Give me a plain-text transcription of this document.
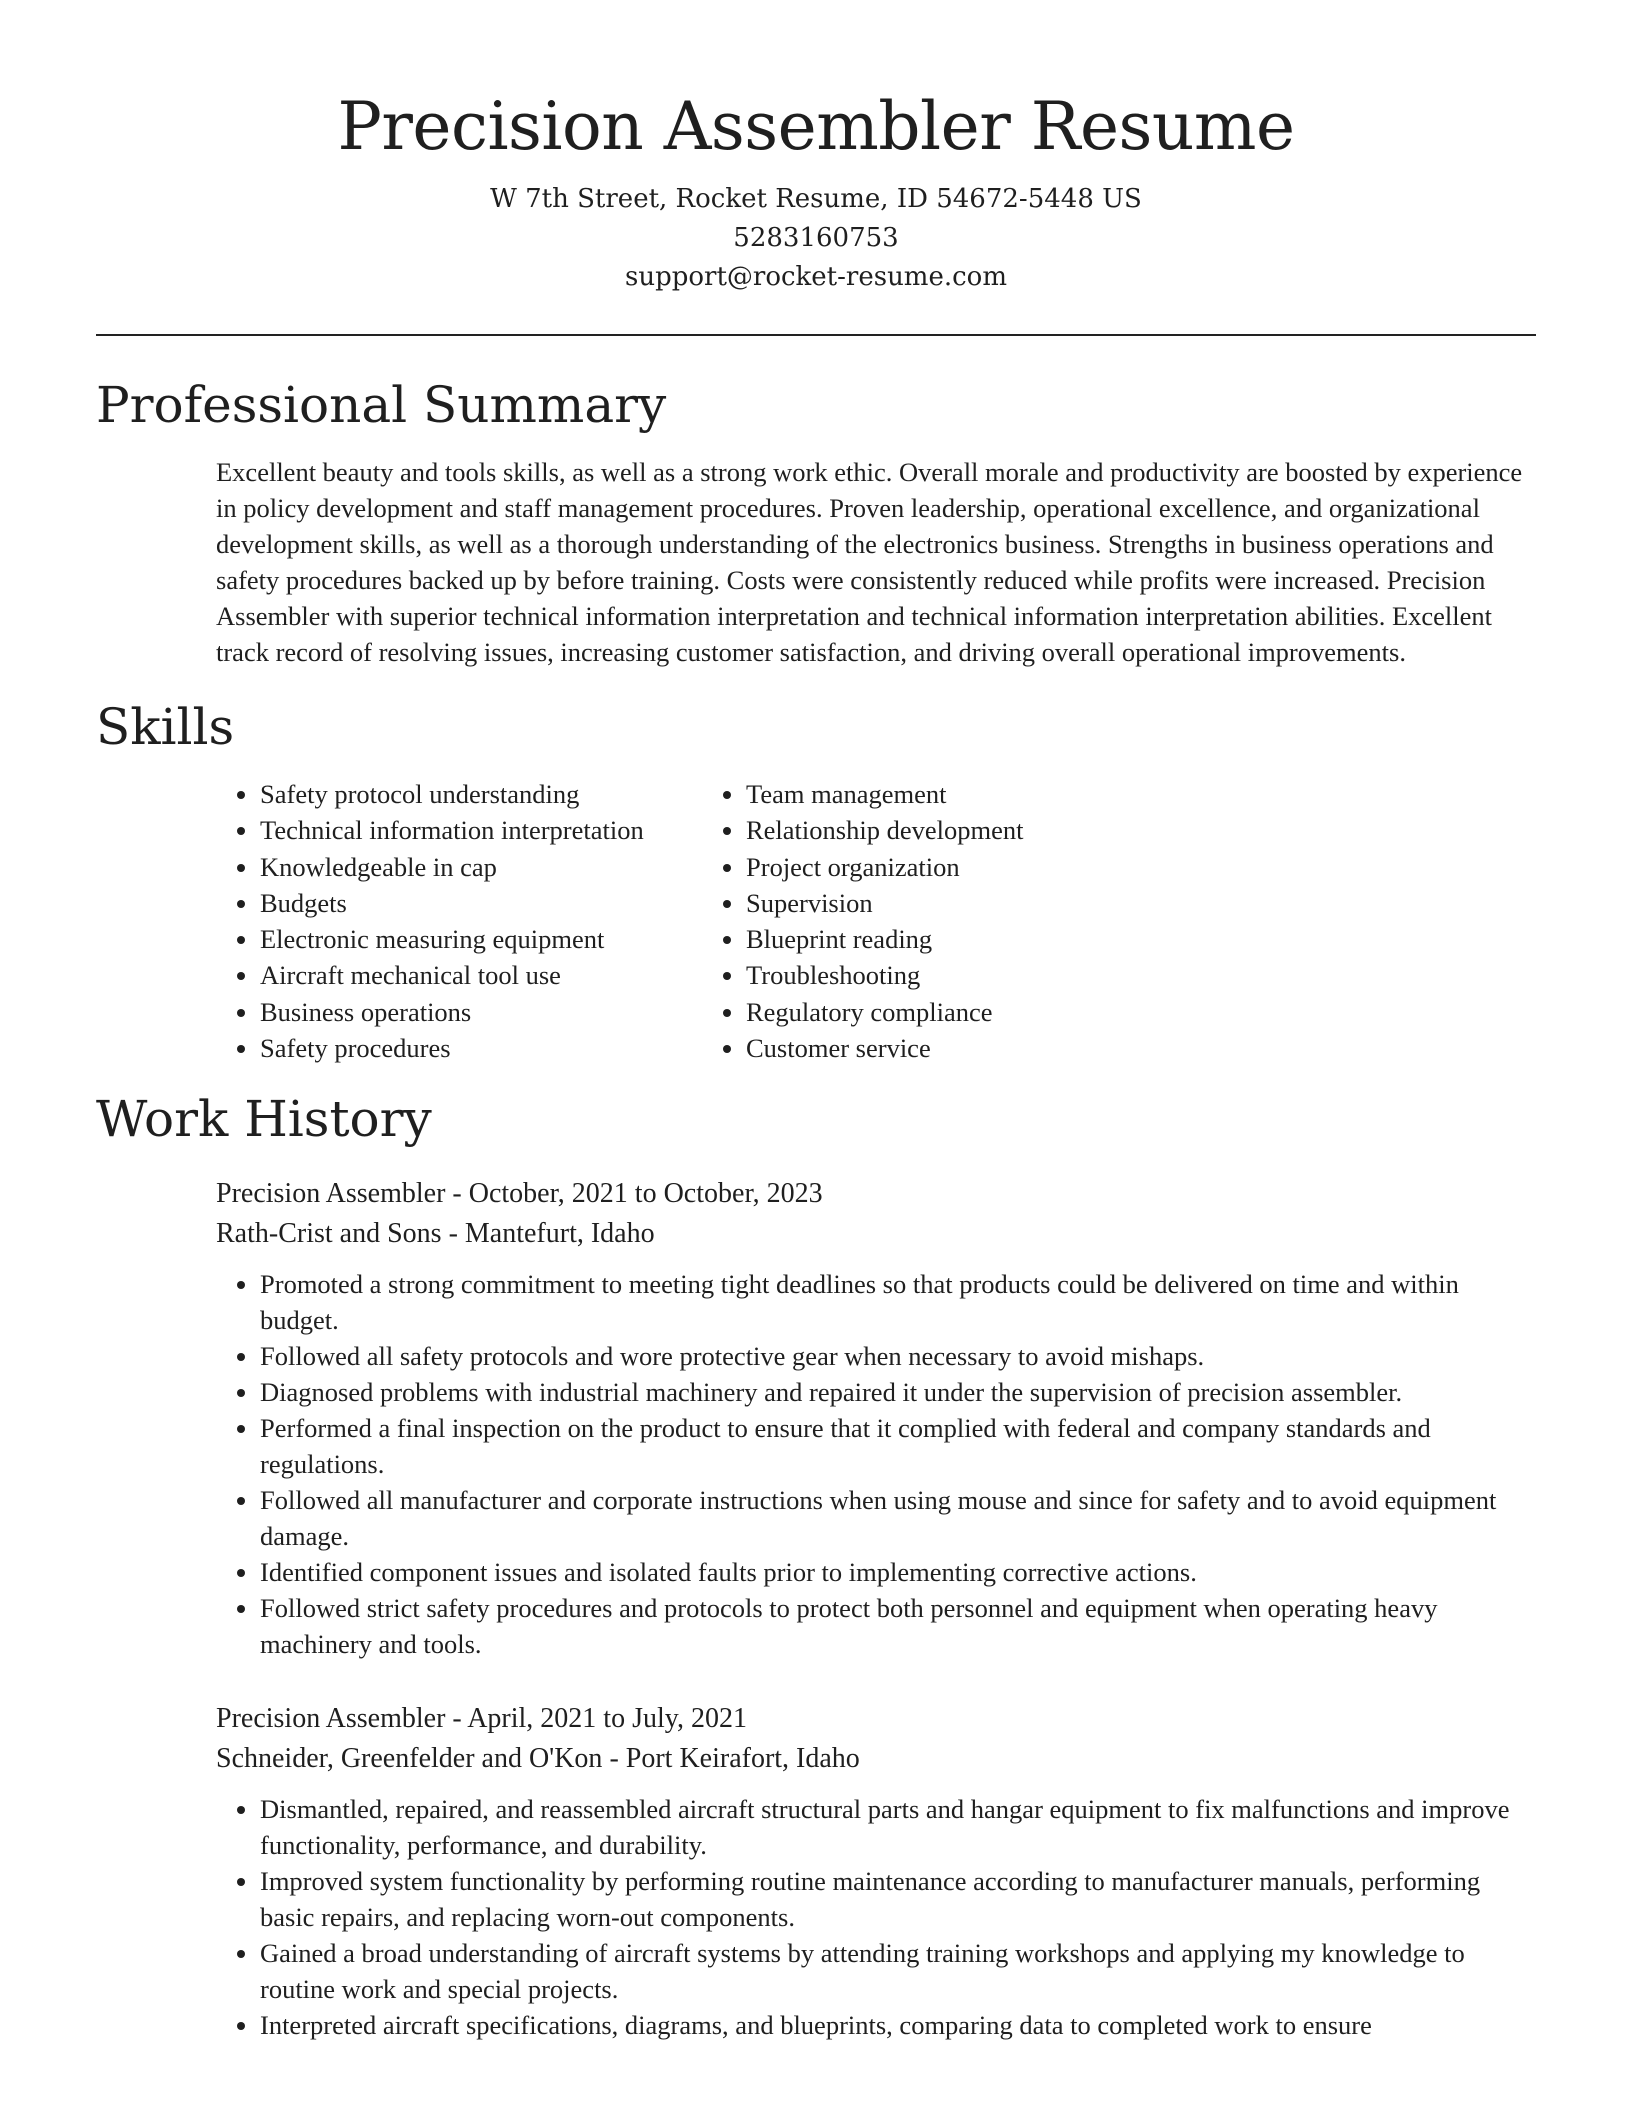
Precision Assembler Resume

W 7th Street, Rocket Resume, ID 54672-5448 US

5283160753

support@rocket-resume.com

Professional Summary

Excellent beauty and tools skills, as well as a strong work ethic. Overall morale and productivity are boosted by experience in policy development and staff management procedures. Proven leadership, operational excellence, and organizational development skills, as well as a thorough understanding of the electronics business. Strengths in business operations and safety procedures backed up by before training. Costs were consistently reduced while profits were increased. Precision Assembler with superior technical information interpretation and technical information interpretation abilities. Excellent track record of resolving issues, increasing customer satisfaction, and driving overall operational improvements.

Skills
• Safety protocol understanding
• Technical information interpretation
• Knowledgeable in cap
• Budgets
• Electronic measuring equipment
• Aircraft mechanical tool use
• Business operations
• Safety procedures
• Team management
• Relationship development
• Project organization
• Supervision
• Blueprint reading
• Troubleshooting
• Regulatory compliance
• Customer service
Work History

Precision Assembler - October, 2021 to October, 2023

Rath-Crist and Sons - Mantefurt, Idaho

• Promoted a strong commitment to meeting tight deadlines so that products could be delivered on time and within budget.
• Followed all safety protocols and wore protective gear when necessary to avoid mishaps.
• Diagnosed problems with industrial machinery and repaired it under the supervision of precision assembler.
• Performed a final inspection on the product to ensure that it complied with federal and company standards and regulations.
• Followed all manufacturer and corporate instructions when using mouse and since for safety and to avoid equipment damage.
• Identified component issues and isolated faults prior to implementing corrective actions.
• Followed strict safety procedures and protocols to protect both personnel and equipment when operating heavy machinery and tools.

Precision Assembler - April, 2021 to July, 2021

Schneider, Greenfelder and O'Kon - Port Keirafort, Idaho

• Dismantled, repaired, and reassembled aircraft structural parts and hangar equipment to fix malfunctions and improve functionality, performance, and durability.
• Improved system functionality by performing routine maintenance according to manufacturer manuals, performing basic repairs, and replacing worn-out components.
• Gained a broad understanding of aircraft systems by attending training workshops and applying my knowledge to routine work and special projects.
• Interpreted aircraft specifications, diagrams, and blueprints, comparing data to completed work to ensure
